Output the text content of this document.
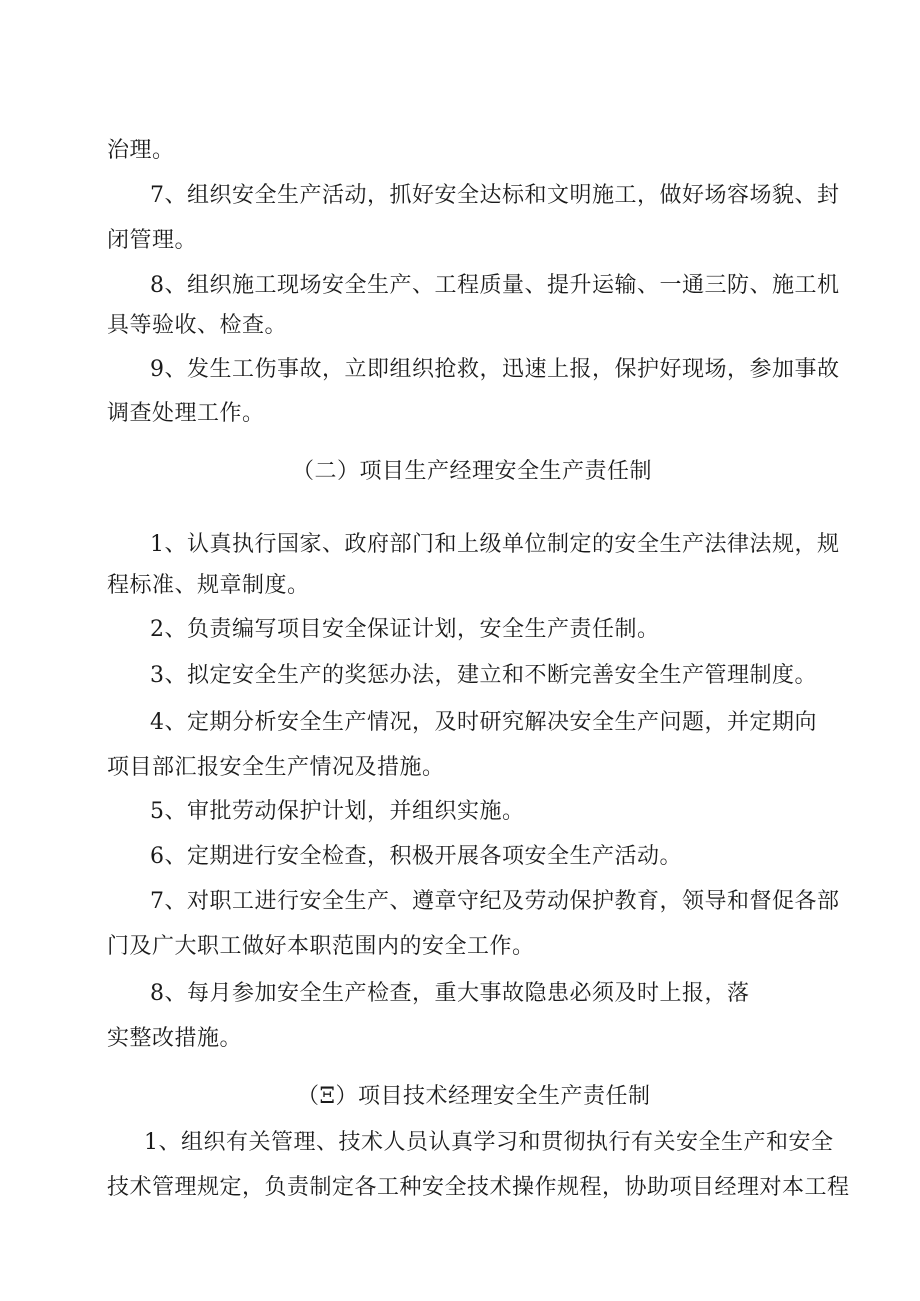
治理。
7、组织安全生产活动，抓好安全达标和文明施工，做好场容场貌、封
闭管理。
8、组织施工现场安全生产、工程质量、提升运输、一通三防、施工机
具等验收、检查。
9、发生工伤事故，立即组织抢救，迅速上报，保护好现场，参加事故
调查处理工作。
（二）项目生产经理安全生产责任制
1、认真执行国家、政府部门和上级单位制定的安全生产法律法规，规
程标准、规章制度。
2、负责编写项目安全保证计划，安全生产责任制。
3、拟定安全生产的奖惩办法，建立和不断完善安全生产管理制度。
4、定期分析安全生产情况，及时研究解决安全生产问题，并定期向
项目部汇报安全生产情况及措施。
5、审批劳动保护计划，并组织实施。
6、定期进行安全检查，积极开展各项安全生产活动。
7、对职工进行安全生产、遵章守纪及劳动保护教育，领导和督促各部
门及广大职工做好本职范围内的安全工作。
8、每月参加安全生产检查，重大事故隐患必须及时上报，落
实整改措施。
（Ξ）项目技术经理安全生产责任制
1、组织有关管理、技术人员认真学习和贯彻执行有关安全生产和安全
技术管理规定，负责制定各工种安全技术操作规程，协助项目经理对本工程
